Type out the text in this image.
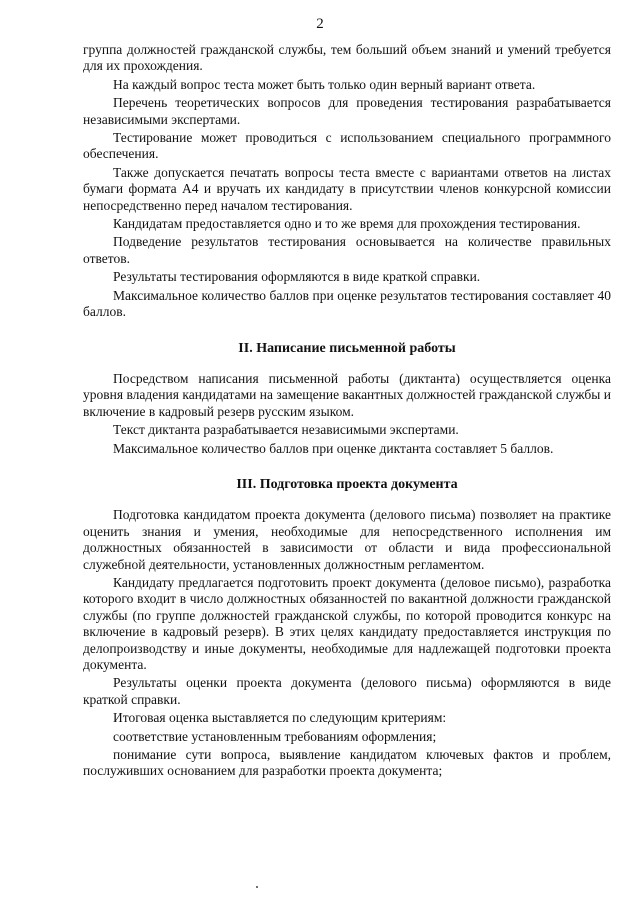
2

группа должностей гражданской службы, тем больший объем знаний и умений требуется для их прохождения.

На каждый вопрос теста может быть только один верный вариант ответа.

Перечень теоретических вопросов для проведения тестирования разрабатывается независимыми экспертами.

Тестирование может проводиться с использованием специального программного обеспечения.

Также допускается печатать вопросы теста вместе с вариантами ответов на листах бумаги формата А4 и вручать их кандидату в присутствии членов конкурсной комиссии непосредственно перед началом тестирования.

Кандидатам предоставляется одно и то же время для прохождения тестирования.

Подведение результатов тестирования основывается на количестве правильных ответов.

Результаты тестирования оформляются в виде краткой справки.

Максимальное количество баллов при оценке результатов тестирования составляет 40 баллов.

II. Написание письменной работы

Посредством написания письменной работы (диктанта) осуществляется оценка уровня владения кандидатами на замещение вакантных должностей гражданской службы и включение в кадровый резерв русским языком.

Текст диктанта разрабатывается независимыми экспертами.

Максимальное количество баллов при оценке диктанта составляет 5 баллов.

III. Подготовка проекта документа

Подготовка кандидатом проекта документа (делового письма) позволяет на практике оценить знания и умения, необходимые для непосредственного исполнения им должностных обязанностей в зависимости от области и вида профессиональной служебной деятельности, установленных должностным регламентом.

Кандидату предлагается подготовить проект документа (деловое письмо), разработка которого входит в число должностных обязанностей по вакантной должности гражданской службы (по группе должностей гражданской службы, по которой проводится конкурс на включение в кадровый резерв). В этих целях кандидату предоставляется инструкция по делопроизводству и иные документы, необходимые для надлежащей подготовки проекта документа.

Результаты оценки проекта документа (делового письма) оформляются в виде краткой справки.

Итоговая оценка выставляется по следующим критериям:

соответствие установленным требованиям оформления;

понимание сути вопроса, выявление кандидатом ключевых фактов и проблем, послуживших основанием для разработки проекта документа;
